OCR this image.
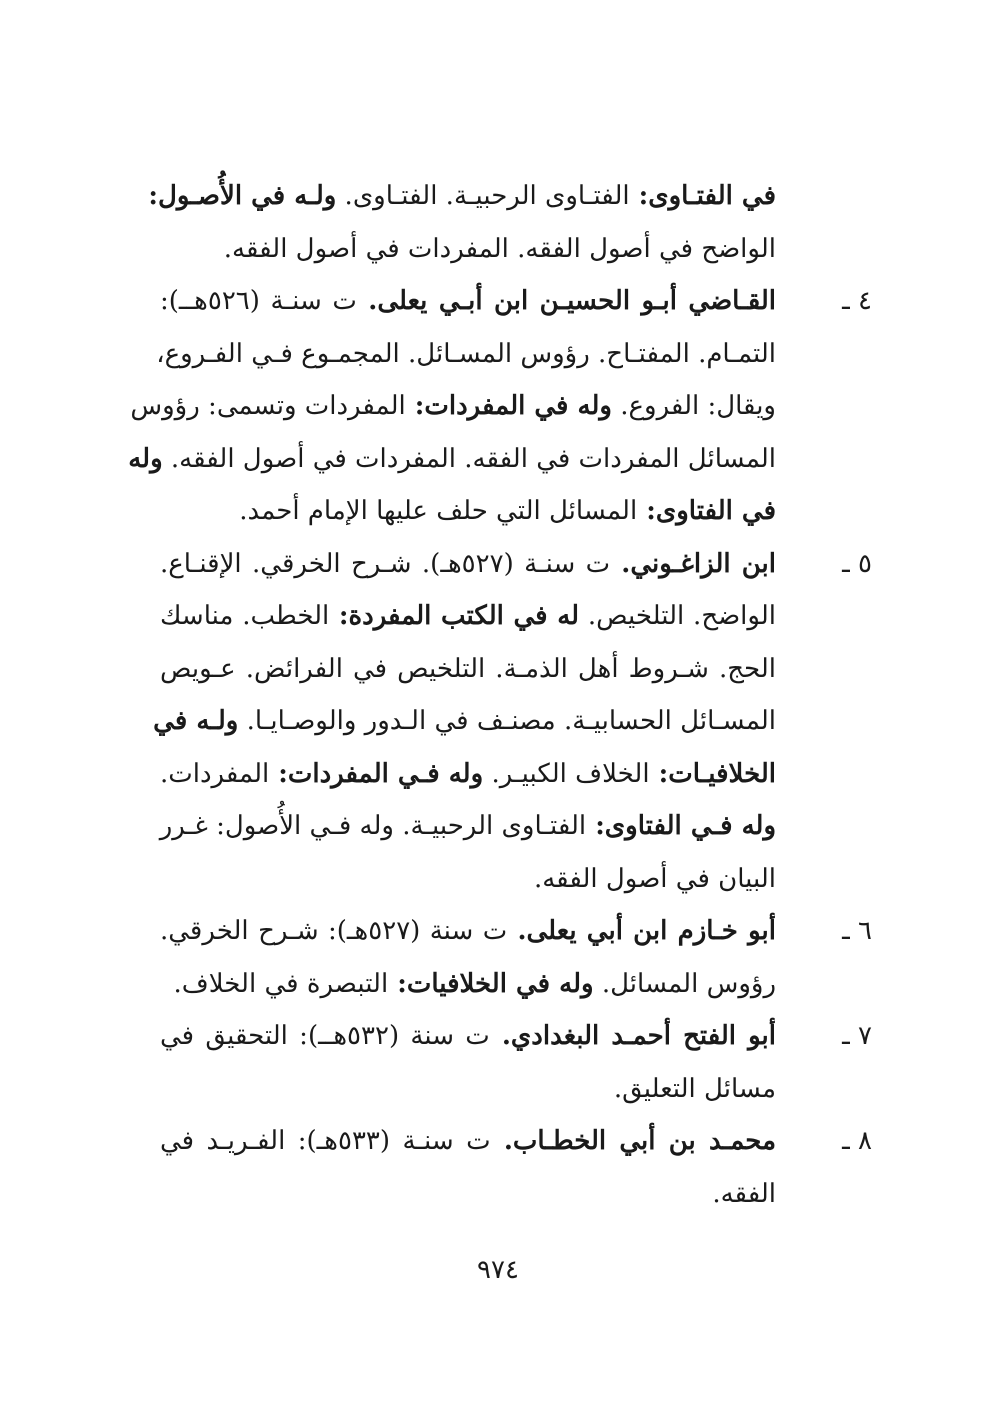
في الفتـاوى: الفتـاوى الرحبيـة. الفتـاوى. ولـه في الأُصـول:
الواضح في أصول الفقه. المفردات في أصول الفقه.
٤ ـ
القـاضي أبـو الحسيـن ابن أبـي يعلى. ت سنـة (٥٢٦هــ):
التمـام. المفتـاح. رؤوس المسـائل. المجمـوع فـي الفـروع،
ويقال: الفروع. وله في المفردات: المفردات وتسمى: رؤوس
المسائل المفردات في الفقه. المفردات في أصول الفقه. وله
في الفتاوى: المسائل التي حلف عليها الإمام أحمد.
٥ ـ
ابن الزاغـوني. ت سنـة (٥٢٧هـ). شـرح الخرقي. الإقنـاع.
الواضح. التلخيص. له في الكتب المفردة: الخطب. مناسك
الحج. شـروط أهل الذمـة. التلخيص في الفرائض. عـويص
المسـائل الحسابيـة. مصنـف في الـدور والوصـايـا. ولـه في
الخلافيـات: الخلاف الكبيـر. وله فـي المفردات: المفردات.
وله فـي الفتاوى: الفتـاوى الرحبيـة. وله فـي الأُصول: غـرر
البيان في أصول الفقه.
٦ ـ
أبو خـازم ابن أبي يعلى. ت سنة (٥٢٧هـ): شـرح الخرقي.
رؤوس المسائل. وله في الخلافيات: التبصرة في الخلاف.
٧ ـ
أبو الفتح أحمـد البغدادي. ت سنة (٥٣٢هــ): التحقيق في
مسائل التعليق.
٨ ـ
محمـد بن أبي الخطـاب. ت سنـة (٥٣٣هـ): الفـريـد في
الفقه.
٩٧٤
